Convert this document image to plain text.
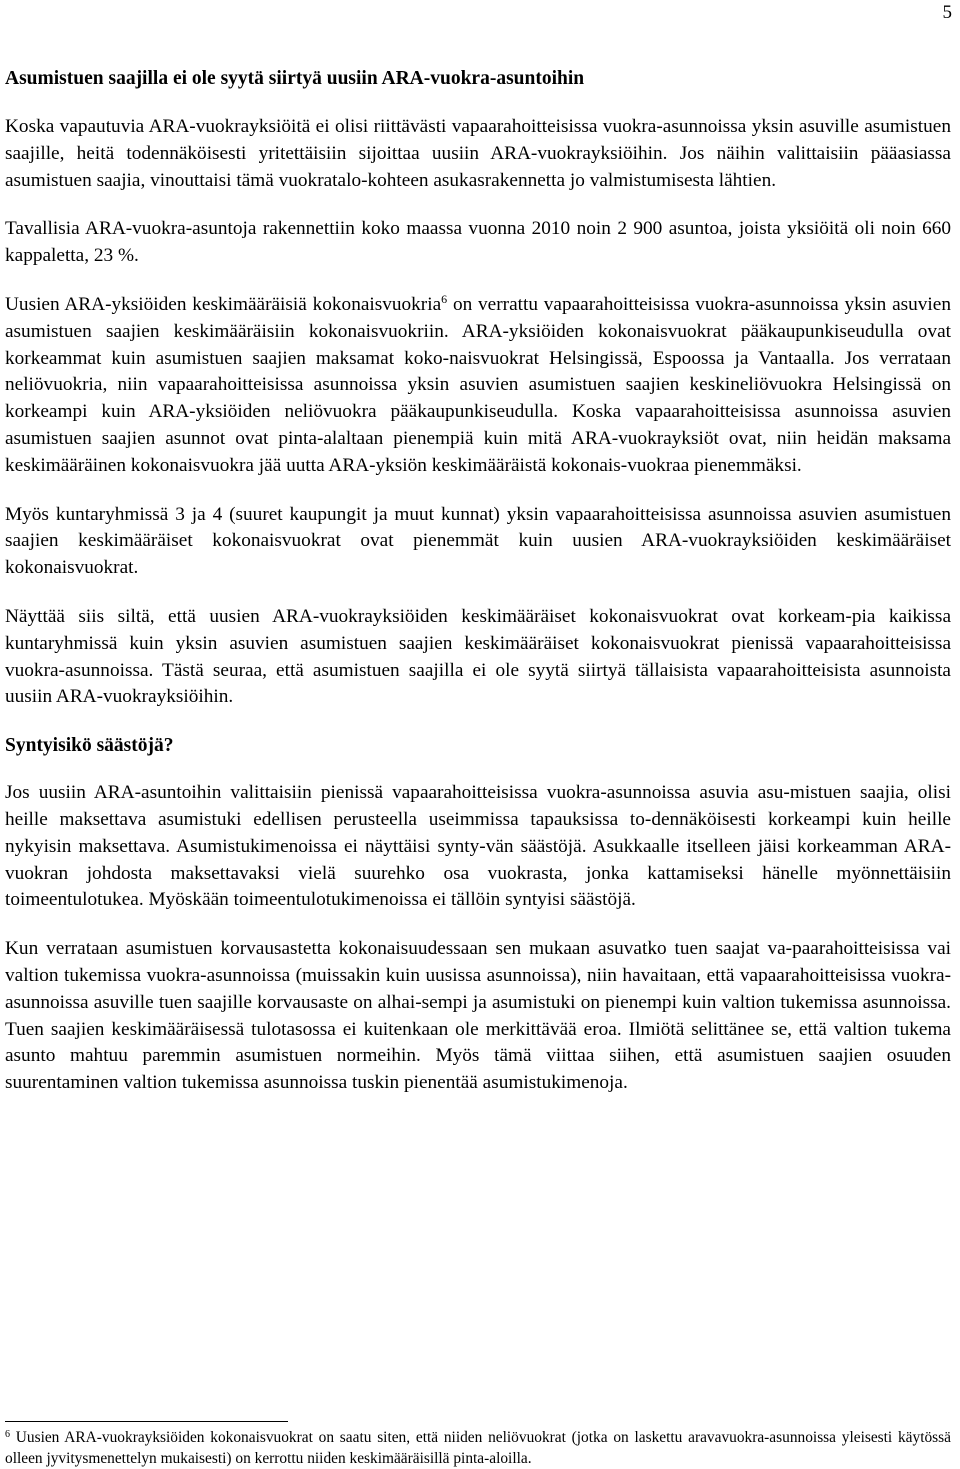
5
Asumistuen saajilla ei ole syytä siirtyä uusiin ARA-vuokra-asuntoihin

Koska vapautuvia ARA-vuokrayksiöitä ei olisi riittävästi vapaarahoitteisissa vuokra-asunnoissa yksin asuville asumistuen saajille, heitä todennäköisesti yritettäisiin sijoittaa uusiin ARA-vuokrayksiöihin. Jos näihin valittaisiin pääasiassa asumistuen saajia, vinouttaisi tämä vuokratalo-kohteen asukasrakennetta jo valmistumisesta lähtien.

Tavallisia ARA-vuokra-asuntoja rakennettiin koko maassa vuonna 2010 noin 2 900 asuntoa, joista yksiöitä oli noin 660 kappaletta, 23 %.

Uusien ARA-yksiöiden keskimääräisiä kokonaisvuokria$^6$ on verrattu vapaarahoitteisissa vuokra-asunnoissa yksin asuvien asumistuen saajien keskimääräisiin kokonaisvuokriin. ARA-yksiöiden kokonaisvuokrat pääkaupunkiseudulla ovat korkeammat kuin asumistuen saajien maksamat koko-naisvuokrat Helsingissä, Espoossa ja Vantaalla. Jos verrataan neliövuokria, niin vapaarahoitteisissa asunnoissa yksin asuvien asumistuen saajien keskineliövuokra Helsingissä on korkeampi kuin ARA-yksiöiden neliövuokra pääkaupunkiseudulla. Koska vapaarahoitteisissa asunnoissa asuvien asumistuen saajien asunnot ovat pinta-alaltaan pienempiä kuin mitä ARA-vuokrayksiöt ovat, niin heidän maksama keskimääräinen kokonaisvuokra jää uutta ARA-yksiön keskimääräistä kokonais-vuokraa pienemmäksi.

Myös kuntaryhmissä 3 ja 4 (suuret kaupungit ja muut kunnat) yksin vapaarahoitteisissa asunnoissa asuvien asumistuen saajien keskimääräiset kokonaisvuokrat ovat pienemmät kuin uusien ARA-vuokrayksiöiden keskimääräiset kokonaisvuokrat.

Näyttää siis siltä, että uusien ARA-vuokrayksiöiden keskimääräiset kokonaisvuokrat ovat korkeam-pia kaikissa kuntaryhmissä kuin yksin asuvien asumistuen saajien keskimääräiset kokonaisvuokrat pienissä vapaarahoitteisissa vuokra-asunnoissa. Tästä seuraa, että asumistuen saajilla ei ole syytä siirtyä tällaisista vapaarahoitteisista asunnoista uusiin ARA-vuokrayksiöihin.

Syntyisikö säästöjä?

Jos uusiin ARA-asuntoihin valittaisiin pienissä vapaarahoitteisissa vuokra-asunnoissa asuvia asu-mistuen saajia, olisi heille maksettava asumistuki edellisen perusteella useimmissa tapauksissa to-dennäköisesti korkeampi kuin heille nykyisin maksettava. Asumistukimenoissa ei näyttäisi synty-vän säästöjä. Asukkaalle itselleen jäisi korkeamman ARA-vuokran johdosta maksettavaksi vielä suurehko osa vuokrasta, jonka kattamiseksi hänelle myönnettäisiin toimeentulotukea. Myöskään toimeentulotukimenoissa ei tällöin syntyisi säästöjä.

Kun verrataan asumistuen korvausastetta kokonaisuudessaan sen mukaan asuvatko tuen saajat va-paarahoitteisissa vai valtion tukemissa vuokra-asunnoissa (muissakin kuin uusissa asunnoissa), niin havaitaan, että vapaarahoitteisissa vuokra-asunnoissa asuville tuen saajille korvausaste on alhai-sempi ja asumistuki on pienempi kuin valtion tukemissa asunnoissa. Tuen saajien keskimääräisessä tulotasossa ei kuitenkaan ole merkittävää eroa. Ilmiötä selittänee se, että valtion tukema asunto mahtuu paremmin asumistuen normeihin. Myös tämä viittaa siihen, että asumistuen saajien osuuden suurentaminen valtion tukemissa asunnoissa tuskin pienentää asumistukimenoja.

$^6$ Uusien ARA-vuokrayksiöiden kokonaisvuokrat on saatu siten, että niiden neliövuokrat (jotka on laskettu aravavuokra-asunnoissa yleisesti käytössä olleen jyvitysmenettelyn mukaisesti) on kerrottu niiden keskimääräisillä pinta-aloilla.
